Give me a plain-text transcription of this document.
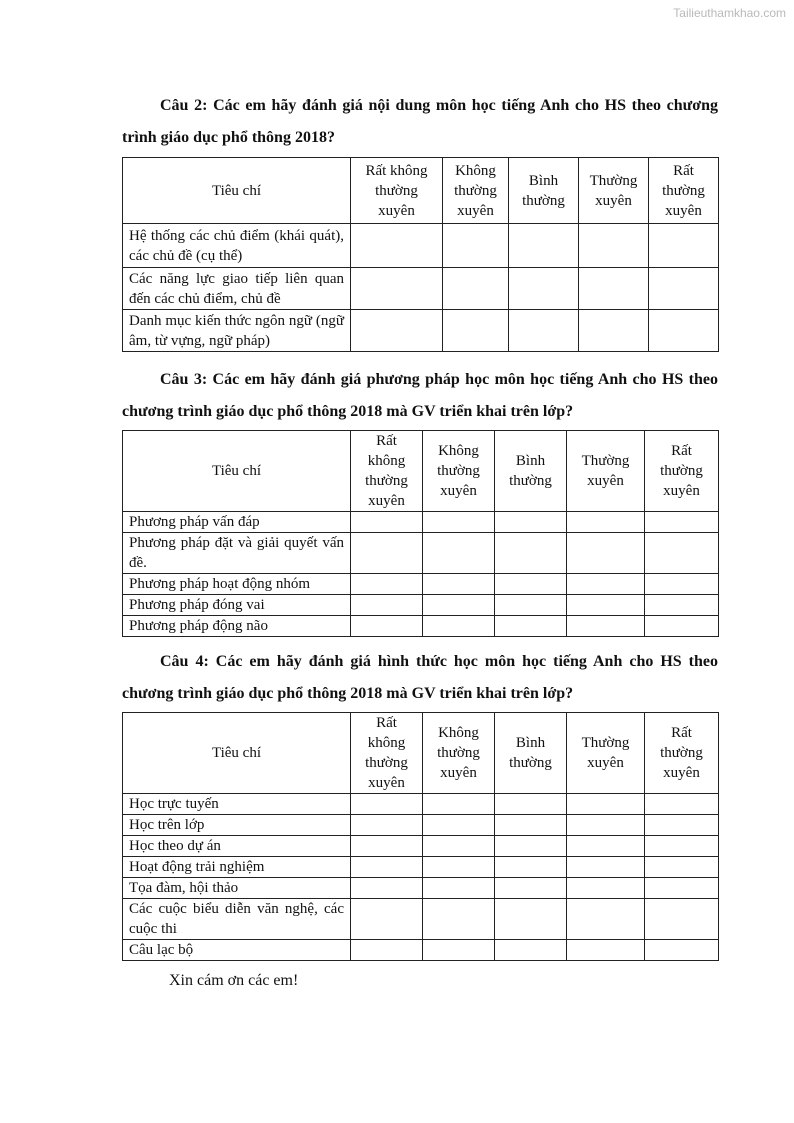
Tailieuthamkhao.com

Câu 2: Các em hãy đánh giá nội dung môn học tiếng Anh cho HS theo chương trình giáo dục phổ thông 2018?

Tiêu chí	Rất không thường xuyên	Không thường xuyên	Bình thường	Thường xuyên	Rất thường xuyên
Hệ thống các chủ điểm (khái quát), các chủ đề (cụ thể)					
Các năng lực giao tiếp liên quan đến các chủ điểm, chủ đề					
Danh mục kiến thức ngôn ngữ (ngữ âm, từ vựng, ngữ pháp)					

Câu 3: Các em hãy đánh giá phương pháp học môn học tiếng Anh cho HS theo chương trình giáo dục phổ thông 2018 mà GV triển khai trên lớp?

Tiêu chí	Rất không thường xuyên	Không thường xuyên	Bình thường	Thường xuyên	Rất thường xuyên
Phương pháp vấn đáp					
Phương pháp đặt và giải quyết vấn đề.					
Phương pháp hoạt động nhóm					
Phương pháp đóng vai					
Phương pháp động não					

Câu 4: Các em hãy đánh giá hình thức học môn học tiếng Anh cho HS theo chương trình giáo dục phổ thông 2018 mà GV triển khai trên lớp?

Tiêu chí	Rất không thường xuyên	Không thường xuyên	Bình thường	Thường xuyên	Rất thường xuyên
Học trực tuyến					
Học trên lớp					
Học theo dự án					
Hoạt động trải nghiệm					
Tọa đàm, hội thảo					
Các cuộc biểu diễn văn nghệ, các cuộc thi					
Câu lạc bộ					

Xin cám ơn các em!
